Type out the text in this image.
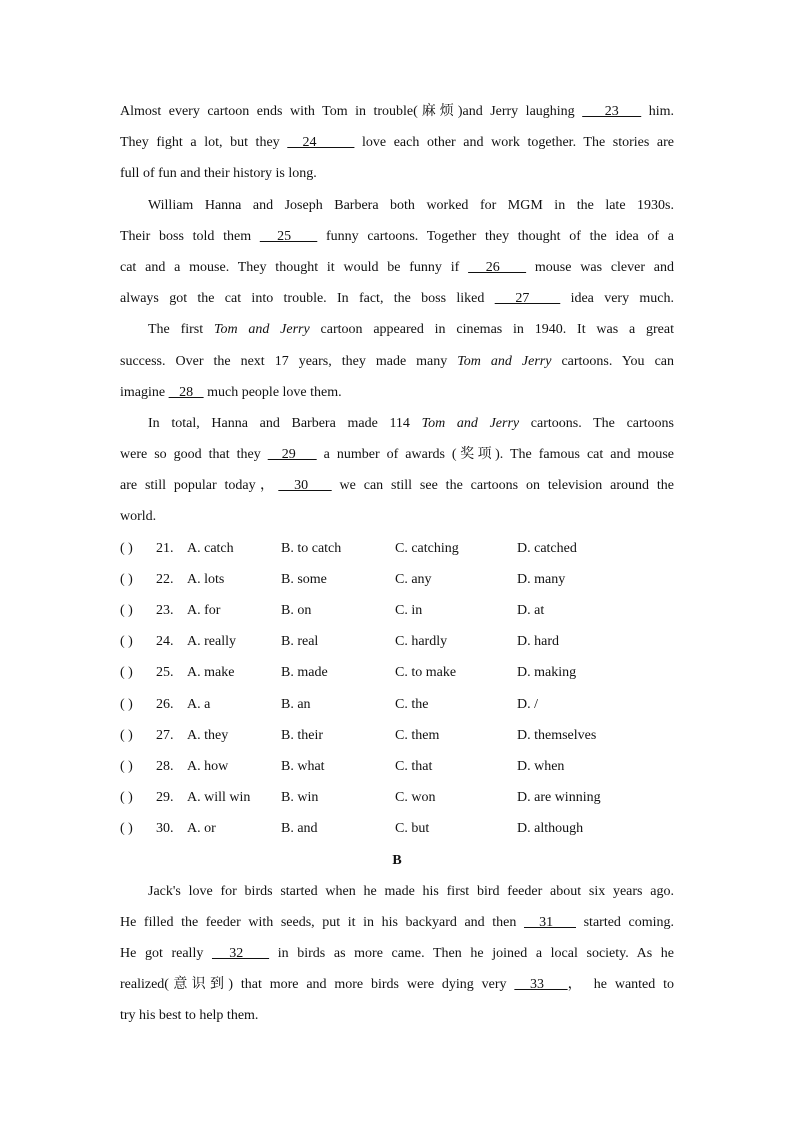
Almost every cartoon ends with Tom in trouble(麻烦)and Jerry laughing    23    him.
They fight a lot, but they   24      love each other and work together. The stories are
full of fun and their history is long.
William Hanna and Joseph Barbera both worked for MGM in the late 1930s.
Their boss told them   25    funny cartoons. Together they thought of the idea of a
cat and a mouse. They thought it would be funny if   26    mouse was clever and
always got the cat into trouble. In fact, the boss liked   27    idea very much.
The first Tom and Jerry cartoon appeared in cinemas in 1940. It was a great
success. Over the next 17 years, they made many Tom and Jerry cartoons. You can
imagine    28    much people love them.
In total, Hanna and Barbera made 114 Tom and Jerry cartoons. The cartoons
were so good that they   29    a number of awards (奖项). The famous cat and mouse
are still popular today，  30    we can still see the cartoons on television around the
world.
( ) 21. A. catch	B. to catch	C. catching	D. catched
( ) 22. A. lots	B. some	C. any	D. many
( ) 23. A. for	B. on	C. in	D. at
( ) 24. A. really	B. real	C. hardly	D. hard
( ) 25. A. make	B. made	C. to make	D. making
( ) 26. A. a	B. an	C. the	D. /
( ) 27. A. they	B. their	C. them	D. themselves
( ) 28. A. how	B. what	C. that	D. when
( ) 29. A. will win B. win	C. won	D. are winning
( ) 30. A. or	B. and	C. but	D. although
B
Jack's love for birds started when he made his first bird feeder about six years ago.
He filled the feeder with seeds, put it in his backyard and then   31    started coming.
He got really   32    in birds as more came. Then he joined a local society. As he
realized(意识到) that more and more birds were dying very   33   ， he wanted to
try his best to help them.
